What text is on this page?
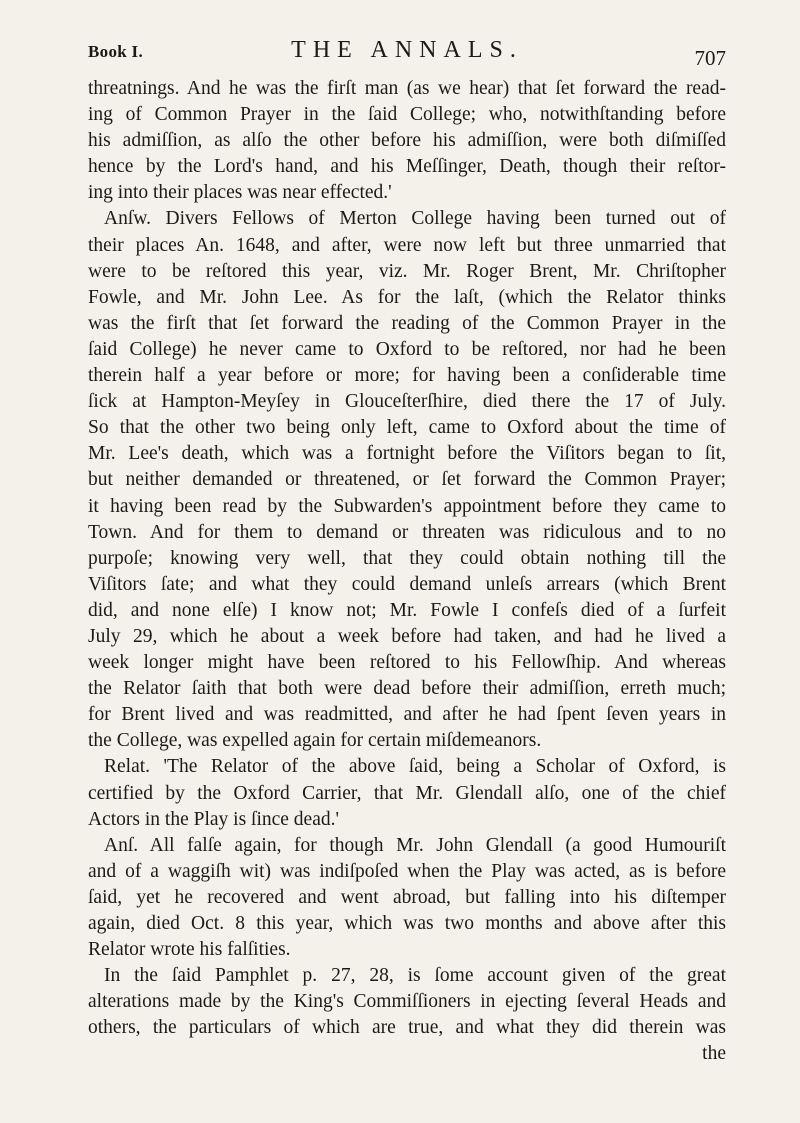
Book I.	THE ANNALS.	707
threatnings. And he was the firſt man (as we hear) that ſet forward the read-
ing of Common Prayer in the ſaid College; who, notwithſtanding before
his admiſſion, as alſo the other before his admiſſion, were both diſmiſſed
hence by the Lord's hand, and his Meſſinger, Death, though their reſtor-
ing into their places was near effected.'
Anſw. Divers Fellows of Merton College having been turned out of
their places An. 1648, and after, were now left but three unmarried that
were to be reſtored this year, viz. Mr. Roger Brent, Mr. Chriſtopher
Fowle, and Mr. John Lee. As for the laſt, (which the Relator thinks
was the firſt that ſet forward the reading of the Common Prayer in the
ſaid College) he never came to Oxford to be reſtored, nor had he been
therein half a year before or more; for having been a conſiderable time
ſick at Hampton-Meyſey in Glouceſterſhire, died there the 17 of July.
So that the other two being only left, came to Oxford about the time of
Mr. Lee's death, which was a fortnight before the Viſitors began to ſit,
but neither demanded or threatened, or ſet forward the Common Prayer;
it having been read by the Subwarden's appointment before they came to
Town. And for them to demand or threaten was ridiculous and to no
purpoſe; knowing very well, that they could obtain nothing till the
Viſitors ſate; and what they could demand unleſs arrears (which Brent
did, and none elſe) I know not; Mr. Fowle I confeſs died of a ſurfeit
July 29, which he about a week before had taken, and had he lived a
week longer might have been reſtored to his Fellowſhip. And whereas
the Relator ſaith that both were dead before their admiſſion, erreth much;
for Brent lived and was readmitted, and after he had ſpent ſeven years in
the College, was expelled again for certain miſdemeanors.
Relat. 'The Relator of the above ſaid, being a Scholar of Oxford, is
certified by the Oxford Carrier, that Mr. Glendall alſo, one of the chief
Actors in the Play is ſince dead.'
Anſ. All falſe again, for though Mr. John Glendall (a good Humouriſt
and of a waggiſh wit) was indiſpoſed when the Play was acted, as is before
ſaid, yet he recovered and went abroad, but falling into his diſtemper
again, died Oct. 8 this year, which was two months and above after this
Relator wrote his falſities.
In the ſaid Pamphlet p. 27, 28, is ſome account given of the great
alterations made by the King's Commiſſioners in ejecting ſeveral Heads and
others, the particulars of which are true, and what they did therein was
the
